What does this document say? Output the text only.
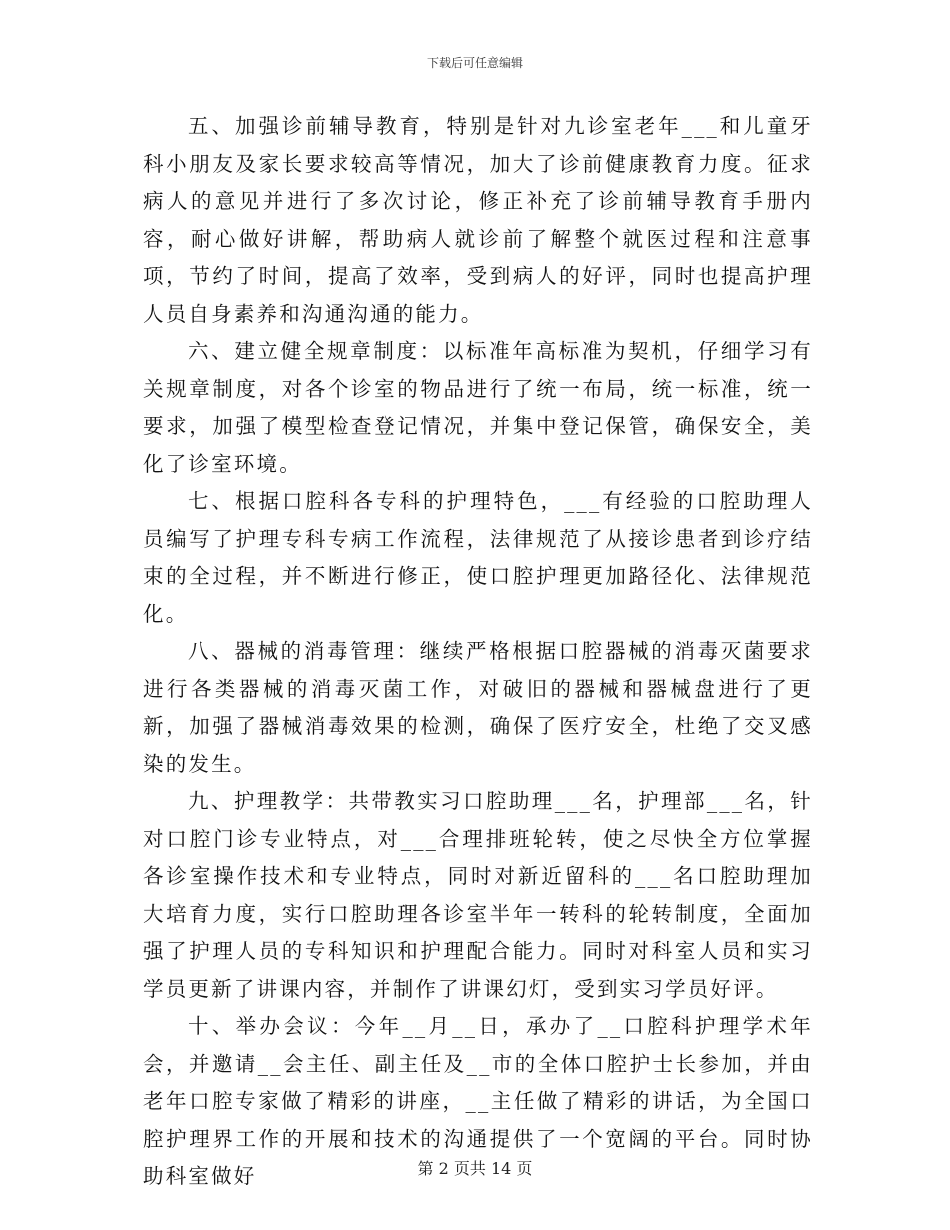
下载后可任意编辑

五、加强诊前辅导教育，特别是针对九诊室老年___和儿童牙科小朋友及家长要求较高等情况，加大了诊前健康教育力度。征求病人的意见并进行了多次讨论，修正补充了诊前辅导教育手册内容，耐心做好讲解，帮助病人就诊前了解整个就医过程和注意事项，节约了时间，提高了效率，受到病人的好评，同时也提高护理人员自身素养和沟通沟通的能力。

六、建立健全规章制度：以标准年高标准为契机，仔细学习有关规章制度，对各个诊室的物品进行了统一布局，统一标准，统一要求，加强了模型检查登记情况，并集中登记保管，确保安全，美化了诊室环境。

七、根据口腔科各专科的护理特色，___有经验的口腔助理人员编写了护理专科专病工作流程，法律规范了从接诊患者到诊疗结束的全过程，并不断进行修正，使口腔护理更加路径化、法律规范化。

八、器械的消毒管理：继续严格根据口腔器械的消毒灭菌要求进行各类器械的消毒灭菌工作，对破旧的器械和器械盘进行了更新，加强了器械消毒效果的检测，确保了医疗安全，杜绝了交叉感染的发生。

九、护理教学：共带教实习口腔助理___名，护理部___名，针对口腔门诊专业特点，对___合理排班轮转，使之尽快全方位掌握各诊室操作技术和专业特点，同时对新近留科的___名口腔助理加大培育力度，实行口腔助理各诊室半年一转科的轮转制度，全面加强了护理人员的专科知识和护理配合能力。同时对科室人员和实习学员更新了讲课内容，并制作了讲课幻灯，受到实习学员好评。

十、举办会议：今年__月__日，承办了__口腔科护理学术年会，并邀请__会主任、副主任及__市的全体口腔护士长参加，并由老年口腔专家做了精彩的讲座，__主任做了精彩的讲话，为全国口腔护理界工作的开展和技术的沟通提供了一个宽阔的平台。同时协助科室做好	第 2 页共 14 页
